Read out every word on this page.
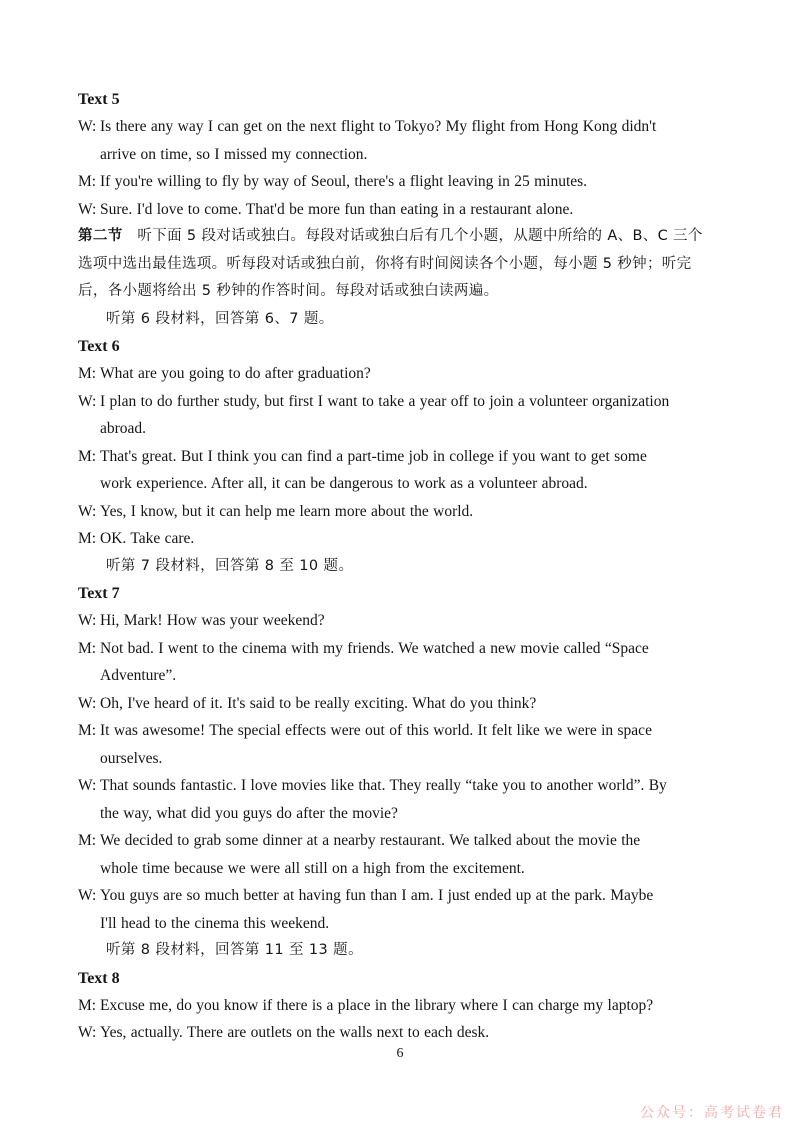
Text 5
W: Is there any way I can get on the next flight to Tokyo? My flight from Hong Kong didn't
arrive on time, so I missed my connection.
M: If you're willing to fly by way of Seoul, there's a flight leaving in 25 minutes.
W: Sure. I'd love to come. That'd be more fun than eating in a restaurant alone.
第二节　听下面 5 段对话或独白。每段对话或独白后有几个小题，从题中所给的 A、B、C 三个
选项中选出最佳选项。听每段对话或独白前，你将有时间阅读各个小题，每小题 5 秒钟；听完
后，各小题将给出 5 秒钟的作答时间。每段对话或独白读两遍。
听第 6 段材料，回答第 6、7 题。
Text 6
M: What are you going to do after graduation?
W: I plan to do further study, but first I want to take a year off to join a volunteer organization
abroad.
M: That's great. But I think you can find a part-time job in college if you want to get some
work experience. After all, it can be dangerous to work as a volunteer abroad.
W: Yes, I know, but it can help me learn more about the world.
M: OK. Take care.
听第 7 段材料，回答第 8 至 10 题。
Text 7
W: Hi, Mark! How was your weekend?
M: Not bad. I went to the cinema with my friends. We watched a new movie called “Space
Adventure”.
W: Oh, I've heard of it. It's said to be really exciting. What do you think?
M: It was awesome! The special effects were out of this world. It felt like we were in space
ourselves.
W: That sounds fantastic. I love movies like that. They really “take you to another world”. By
the way, what did you guys do after the movie?
M: We decided to grab some dinner at a nearby restaurant. We talked about the movie the
whole time because we were all still on a high from the excitement.
W: You guys are so much better at having fun than I am. I just ended up at the park. Maybe
I'll head to the cinema this weekend.
听第 8 段材料，回答第 11 至 13 题。
Text 8
M: Excuse me, do you know if there is a place in the library where I can charge my laptop?
W: Yes, actually. There are outlets on the walls next to each desk.
6
公众号：高考试卷君
